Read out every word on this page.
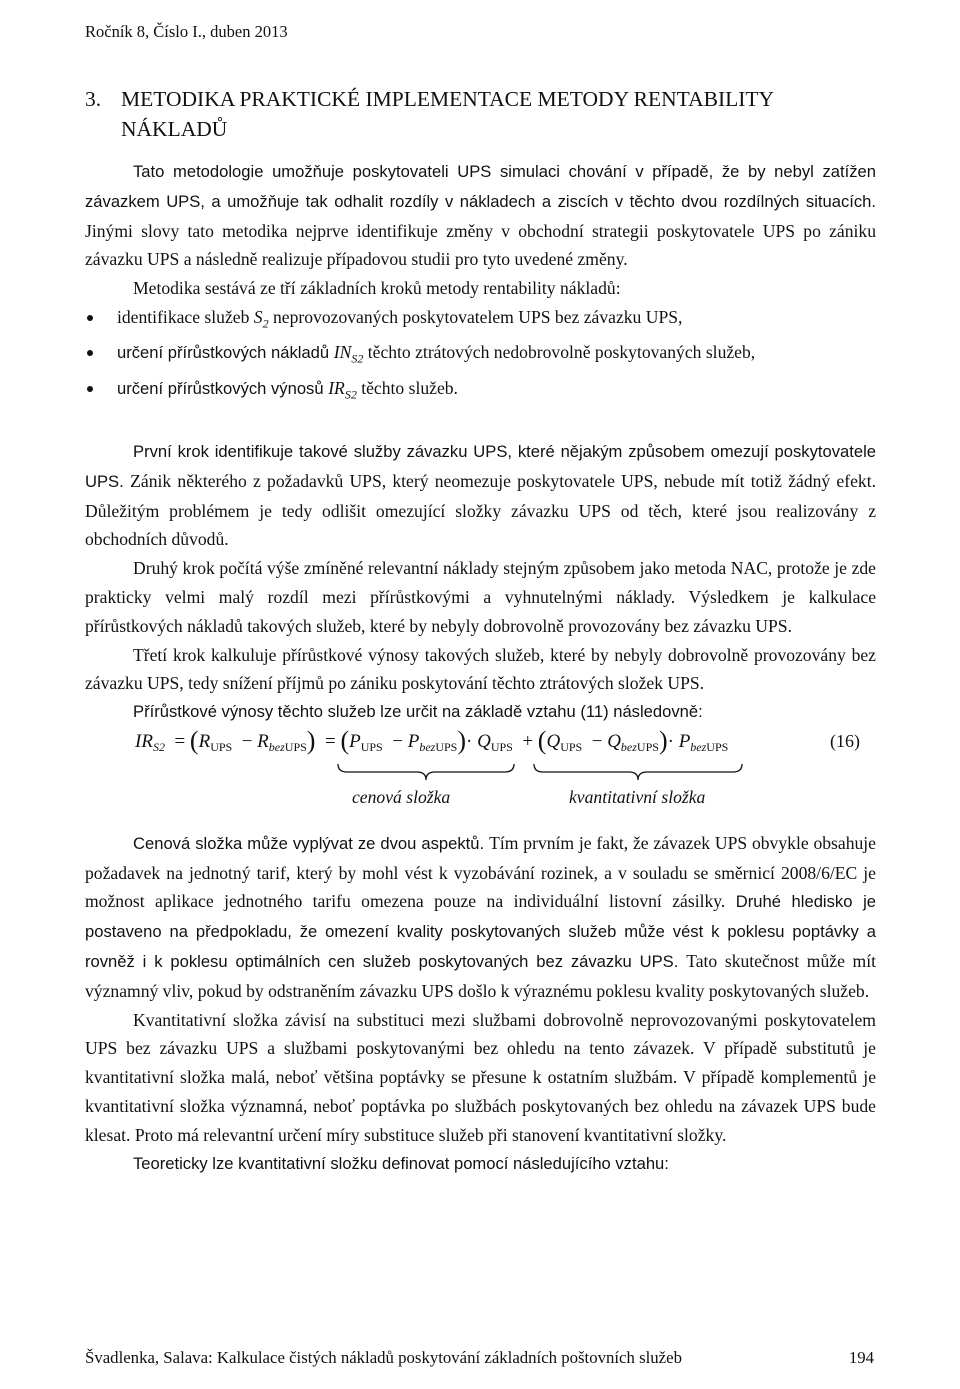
Ročník 8, Číslo I., duben 2013
3. METODIKA PRAKTICKÉ IMPLEMENTACE METODY RENTABILITY
NÁKLADŮ

Tato metodologie umožňuje poskytovateli UPS simulaci chování v případě, že by nebyl zatížen závazkem UPS, a umožňuje tak odhalit rozdíly v nákladech a ziscích v těchto dvou rozdílných situacích. Jinými slovy tato metodika nejprve identifikuje změny v obchodní strategii poskytovatele UPS po zániku závazku UPS a následně realizuje případovou studii pro tyto uvedené změny.

Metodika sestává ze tří základních kroků metody rentability nákladů:

identifikace služeb $S_2$ neprovozovaných poskytovatelem UPS bez závazku UPS,
určení přírůstkových nákladů $IN_{S2}$ těchto ztrátových nedobrovolně poskytovaných služeb,
určení přírůstkových výnosů $IR_{S2}$ těchto služeb.

První krok identifikuje takové služby závazku UPS, které nějakým způsobem omezují poskytovatele UPS. Zánik některého z požadavků UPS, který neomezuje poskytovatele UPS, nebude mít totiž žádný efekt. Důležitým problémem je tedy odlišit omezující složky závazku UPS od těch, které jsou realizovány z obchodních důvodů.

Druhý krok počítá výše zmíněné relevantní náklady stejným způsobem jako metoda NAC, protože je zde prakticky velmi malý rozdíl mezi přírůstkovými a vyhnutelnými náklady. Výsledkem je kalkulace přírůstkových nákladů takových služeb, které by nebyly dobrovolně provozovány bez závazku UPS.

Třetí krok kalkuluje přírůstkové výnosy takových služeb, které by nebyly dobrovolně provozovány bez závazku UPS, tedy snížení příjmů po zániku poskytování těchto ztrátových složek UPS.

Přírůstkové výnosy těchto služeb lze určit na základě vztahu (11) následovně:

$IR_{S2} = (R_{UPS} - R_{bezUPS}) = (P_{UPS} - P_{bezUPS})\cdot Q_{UPS} + (Q_{UPS} - Q_{bezUPS})\cdot P_{bezUPS}$	(16)
cenová složka	kvantitativní složka

Cenová složka může vyplývat ze dvou aspektů. Tím prvním je fakt, že závazek UPS obvykle obsahuje požadavek na jednotný tarif, který by mohl vést k vyzobávání rozinek, a v souladu se směrnicí 2008/6/EC je možnost aplikace jednotného tarifu omezena pouze na individuální listovní zásilky. Druhé hledisko je postaveno na předpokladu, že omezení kvality poskytovaných služeb může vést k poklesu poptávky a rovněž i k poklesu optimálních cen služeb poskytovaných bez závazku UPS. Tato skutečnost může mít významný vliv, pokud by odstraněním závazku UPS došlo k výraznému poklesu kvality poskytovaných služeb.

Kvantitativní složka závisí na substituci mezi službami dobrovolně neprovozovanými poskytovatelem UPS bez závazku UPS a službami poskytovanými bez ohledu na tento závazek. V případě substitutů je kvantitativní složka malá, neboť většina poptávky se přesune k ostatním službám. V případě komplementů je kvantitativní složka významná, neboť poptávka po službách poskytovaných bez ohledu na závazek UPS bude klesat. Proto má relevantní určení míry substituce služeb při stanovení kvantitativní složky.

Teoreticky lze kvantitativní složku definovat pomocí následujícího vztahu:

Švadlenka, Salava: Kalkulace čistých nákladů poskytování základních poštovních služeb	194
